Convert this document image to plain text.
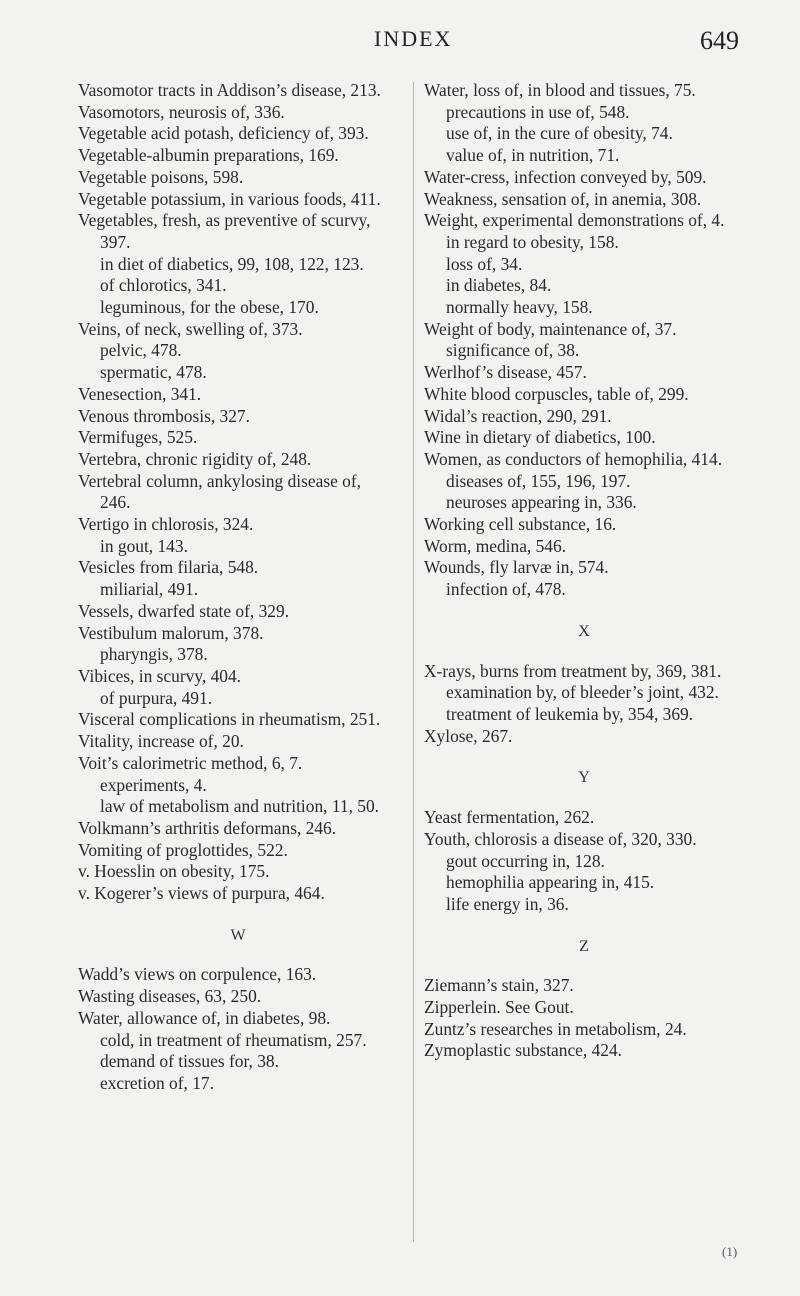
INDEX	649
Vasomotor tracts in Addison’s disease, 213.
Vasomotors, neurosis of, 336.
Vegetable acid potash, deficiency of, 393.
Vegetable-albumin preparations, 169.
Vegetable poisons, 598.
Vegetable potassium, in various foods, 411.
Vegetables, fresh, as preventive of scurvy,
397.
in diet of diabetics, 99, 108, 122, 123.
of chlorotics, 341.
leguminous, for the obese, 170.
Veins, of neck, swelling of, 373.
pelvic, 478.
spermatic, 478.
Venesection, 341.
Venous thrombosis, 327.
Vermifuges, 525.
Vertebra, chronic rigidity of, 248.
Vertebral column, ankylosing disease of,
246.
Vertigo in chlorosis, 324.
in gout, 143.
Vesicles from filaria, 548.
miliarial, 491.
Vessels, dwarfed state of, 329.
Vestibulum malorum, 378.
pharyngis, 378.
Vibices, in scurvy, 404.
of purpura, 491.
Visceral complications in rheumatism, 251.
Vitality, increase of, 20.
Voit’s calorimetric method, 6, 7.
experiments, 4.
law of metabolism and nutrition, 11, 50.
Volkmann’s arthritis deformans, 246.
Vomiting of proglottides, 522.
v. Hoesslin on obesity, 175.
v. Kogerer’s views of purpura, 464.
W
Wadd’s views on corpulence, 163.
Wasting diseases, 63, 250.
Water, allowance of, in diabetes, 98.
cold, in treatment of rheumatism, 257.
demand of tissues for, 38.
excretion of, 17.
Water, loss of, in blood and tissues, 75.
precautions in use of, 548.
use of, in the cure of obesity, 74.
value of, in nutrition, 71.
Water-cress, infection conveyed by, 509.
Weakness, sensation of, in anemia, 308.
Weight, experimental demonstrations of, 4.
in regard to obesity, 158.
loss of, 34.
in diabetes, 84.
normally heavy, 158.
Weight of body, maintenance of, 37.
significance of, 38.
Werlhof’s disease, 457.
White blood corpuscles, table of, 299.
Widal’s reaction, 290, 291.
Wine in dietary of diabetics, 100.
Women, as conductors of hemophilia, 414.
diseases of, 155, 196, 197.
neuroses appearing in, 336.
Working cell substance, 16.
Worm, medina, 546.
Wounds, fly larvæ in, 574.
infection of, 478.
X
X-rays, burns from treatment by, 369, 381.
examination by, of bleeder’s joint, 432.
treatment of leukemia by, 354, 369.
Xylose, 267.
Y
Yeast fermentation, 262.
Youth, chlorosis a disease of, 320, 330.
gout occurring in, 128.
hemophilia appearing in, 415.
life energy in, 36.
Z
Ziemann’s stain, 327.
Zipperlein. See Gout.
Zuntz’s researches in metabolism, 24.
Zymoplastic substance, 424.
(1)
